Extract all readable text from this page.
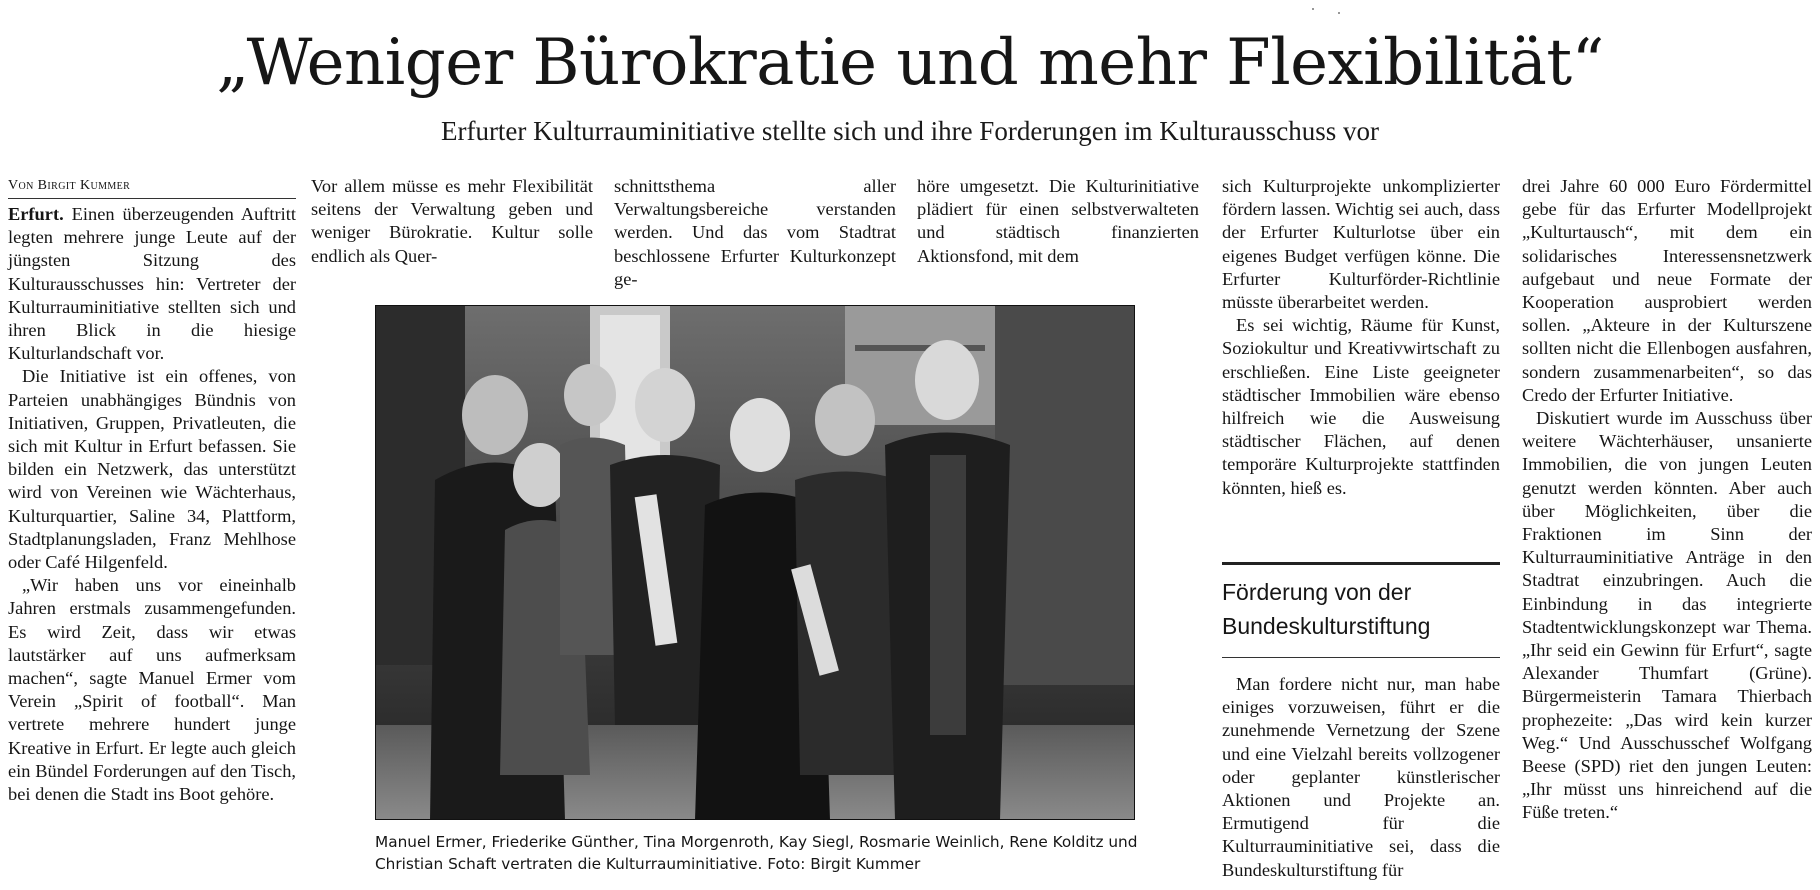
„Weniger Bürokratie und mehr Flexibilität“
Erfurter Kulturrauminitiative stellte sich und ihre Forderungen im Kulturausschuss vor
Von Birgit Kummer

Erfurt. Einen überzeugenden Auftritt legten mehrere junge Leute auf der jüngsten Sitzung des Kulturausschusses hin: Vertreter der Kulturrauminitiative stellten sich und ihren Blick in die hiesige Kulturlandschaft vor.

Die Initiative ist ein offenes, von Parteien unabhängiges Bündnis von Initiativen, Gruppen, Privatleuten, die sich mit Kultur in Erfurt befassen. Sie bilden ein Netzwerk, das unterstützt wird von Vereinen wie Wächterhaus, Kulturquartier, Saline 34, Plattform, Stadtplanungsladen, Franz Mehlhose oder Café Hilgenfeld.

„Wir haben uns vor eineinhalb Jahren erstmals zusammengefunden. Es wird Zeit, dass wir etwas lautstärker auf uns aufmerksam machen“, sagte Manuel Ermer vom Verein „Spirit of football“. Man vertrete mehrere hundert junge Kreative in Erfurt. Er legte auch gleich ein Bündel Forderungen auf den Tisch, bei denen die Stadt ins Boot gehöre.

Vor allem müsse es mehr Flexibilität seitens der Verwaltung geben und weniger Bürokratie. Kultur solle endlich als Quer-

schnittsthema aller Verwaltungsbereiche verstanden werden. Und das vom Stadtrat beschlossene Erfurter Kulturkonzept ge-

höre umgesetzt. Die Kulturinitiative plädiert für einen selbstverwalteten und städtisch finanzierten Aktionsfond, mit dem

Manuel Ermer, Friederike Günther, Tina Morgenroth, Kay Siegl, Rosmarie Weinlich, Rene Kolditz und Christian Schaft vertraten die Kulturrauminitiative. Foto: Birgit Kummer

sich Kulturprojekte unkomplizierter fördern lassen. Wichtig sei auch, dass der Erfurter Kulturlotse über ein eigenes Budget verfügen könne. Die Erfurter Kulturförder-Richtlinie müsste überarbeitet werden.

Es sei wichtig, Räume für Kunst, Soziokultur und Kreativwirtschaft zu erschließen. Eine Liste geeigneter städtischer Immobilien wäre ebenso hilfreich wie die Ausweisung städtischer Flächen, auf denen temporäre Kulturprojekte stattfinden könnten, hieß es.

Förderung von der Bundeskulturstiftung

Man fordere nicht nur, man habe einiges vorzuweisen, führt er die zunehmende Vernetzung der Szene und eine Vielzahl bereits vollzogener oder geplanter künstlerischer Aktionen und Projekte an. Ermutigend für die Kulturrauminitiative sei, dass die Bundeskulturstiftung für

drei Jahre 60 000 Euro Fördermittel gebe für das Erfurter Modellprojekt „Kulturtausch“, mit dem ein solidarisches Interessensnetzwerk aufgebaut und neue Formate der Kooperation ausprobiert werden sollen. „Akteure in der Kulturszene sollten nicht die Ellenbogen ausfahren, sondern zusammenarbeiten“, so das Credo der Erfurter Initiative.

Diskutiert wurde im Ausschuss über weitere Wächterhäuser, unsanierte Immobilien, die von jungen Leuten genutzt werden könnten. Aber auch über Möglichkeiten, über die Fraktionen im Sinn der Kulturrauminitiative Anträge in den Stadtrat einzubringen. Auch die Einbindung in das integrierte Stadtentwicklungskonzept war Thema. „Ihr seid ein Gewinn für Erfurt“, sagte Alexander Thumfart (Grüne). Bürgermeisterin Tamara Thierbach prophezeite: „Das wird kein kurzer Weg.“ Und Ausschusschef Wolfgang Beese (SPD) riet den jungen Leuten: „Ihr müsst uns hinreichend auf die Füße treten.“
